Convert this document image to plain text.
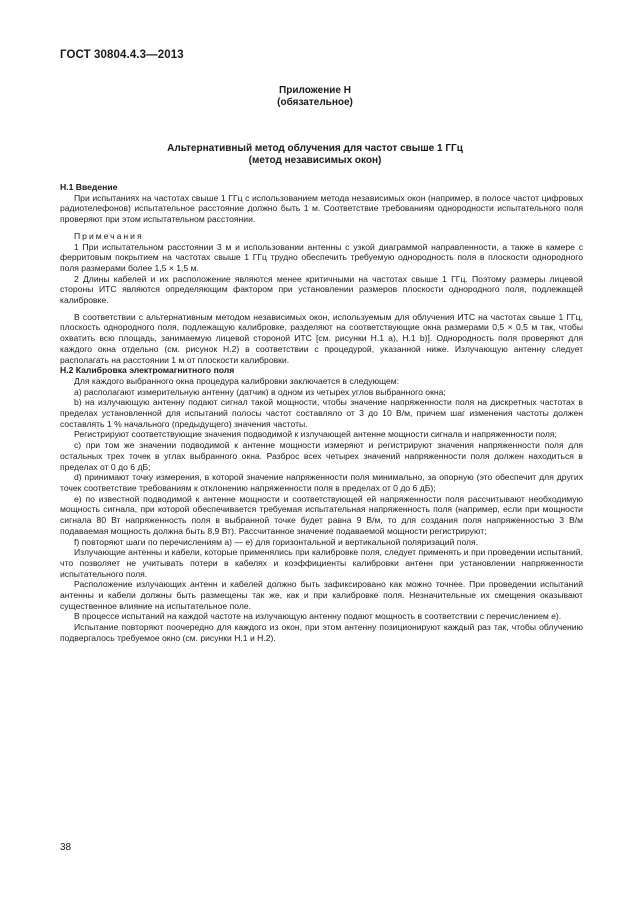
ГОСТ 30804.4.3—2013
Приложение Н
(обязательное)
Альтернативный метод облучения для частот свыше 1 ГГц
(метод независимых окон)

Н.1 Введение

При испытаниях на частотах свыше 1 ГГц с использованием метода независимых окон (например, в полосе частот цифровых радиотелефонов) испытательное расстояние должно быть 1 м. Соответствие требованиям однородности испытательного поля проверяют при этом испытательном расстоянии.

Примечания

1 При испытательном расстоянии 3 м и использовании антенны с узкой диаграммой направленности, а также в камере с ферритовым покрытием на частотах свыше 1 ГГц трудно обеспечить требуемую однородность поля в плоскости однородного поля размерами более 1,5 × 1,5 м.

2 Длины кабелей и их расположение являются менее критичными на частотах свыше 1 ГГц. Поэтому размеры лицевой стороны ИТС являются определяющим фактором при установлении размеров плоскости однородного поля, подлежащей калибровке.

В соответствии с альтернативным методом независимых окон, используемым для облучения ИТС на частотах свыше 1 ГГц, плоскость однородного поля, подлежащую калибровке, разделяют на соответствующие окна размерами 0,5 × 0,5 м так, чтобы охватить всю площадь, занимаемую лицевой стороной ИТС [см. рисунки Н.1 а), Н.1 b)]. Однородность поля проверяют для каждого окна отдельно (см. рисунок Н.2) в соответствии с процедурой, указанной ниже. Излучающую антенну следует располагать на расстоянии 1 м от плоскости калибровки.

Н.2 Калибровка электромагнитного поля

Для каждого выбранного окна процедура калибровки заключается в следующем:

а) располагают измерительную антенну (датчик) в одном из четырех углов выбранного окна;

b) на излучающую антенну подают сигнал такой мощности, чтобы значение напряженности поля на дискретных частотах в пределах установленной для испытаний полосы частот составляло от 3 до 10 В/м, причем шаг изменения частоты должен составлять 1 % начального (предыдущего) значения частоты.

Регистрируют соответствующие значения подводимой к излучающей антенне мощности сигнала и напряженности поля;

с) при том же значении подводимой к антенне мощности измеряют и регистрируют значения напряженности поля для остальных трех точек в углах выбранного окна. Разброс всех четырех значений напряженности поля должен находиться в пределах от 0 до 6 дБ;

d) принимают точку измерения, в которой значение напряженности поля минимально, за опорную (это обеспечит для других точек соответствие требованиям к отклонению напряженности поля в пределах от 0 до 6 дБ);

е) по известной подводимой к антенне мощности и соответствующей ей напряженности поля рассчитывают необходимую мощность сигнала, при которой обеспечивается требуемая испытательная напряженность поля (например, если при мощности сигнала 80 Вт напряженность поля в выбранной точке будет равна 9 В/м, то для создания поля напряженностью 3 В/м подаваемая мощность должна быть 8,9 Вт). Рассчитанное значение подаваемой мощности регистрируют;

f) повторяют шаги по перечислениям а) — е) для горизонтальной и вертикальной поляризаций поля.

Излучающие антенны и кабели, которые применялись при калибровке поля, следует применять и при проведении испытаний, что позволяет не учитывать потери в кабелях и коэффициенты калибровки антенн при установлении напряженности испытательного поля.

Расположение излучающих антенн и кабелей должно быть зафиксировано как можно точнее. При проведении испытаний антенны и кабели должны быть размещены так же, как и при калибровке поля. Незначительные их смещения оказывают существенное влияние на испытательное поле.

В процессе испытаний на каждой частоте на излучающую антенну подают мощность в соответствии с перечислением е).

Испытание повторяют поочередно для каждого из окон, при этом антенну позиционируют каждый раз так, чтобы облучению подвергалось требуемое окно (см. рисунки Н.1 и Н.2).

38
